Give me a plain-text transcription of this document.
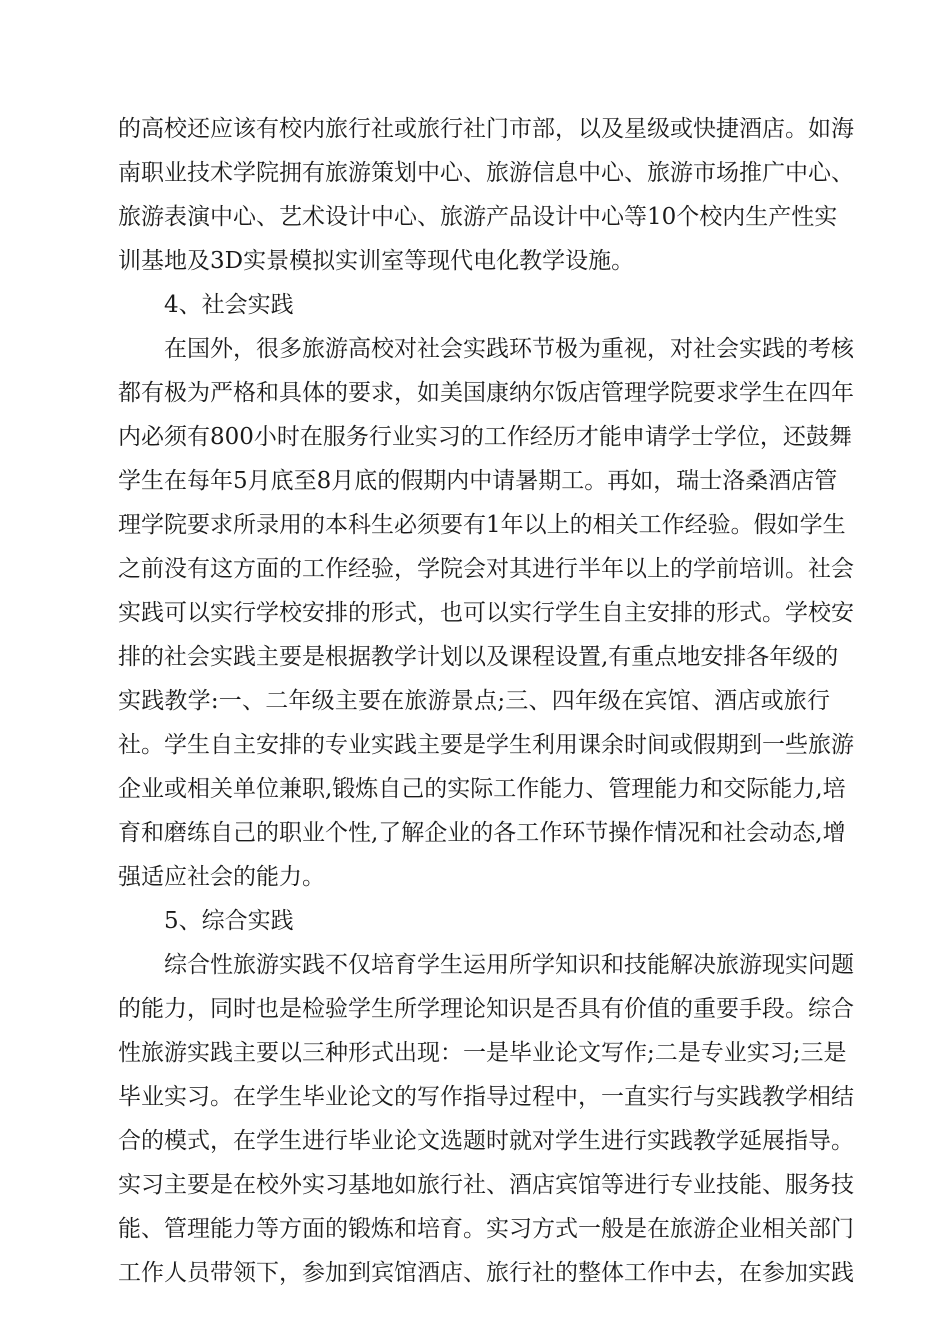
的高校还应该有校内旅行社或旅行社门市部，以及星级或快捷酒店。如海

南职业技术学院拥有旅游策划中心、旅游信息中心、旅游市场推广中心、

旅游表演中心、艺术设计中心、旅游产品设计中心等10个校内生产性实

训基地及3D实景模拟实训室等现代电化教学设施。

4、社会实践

在国外，很多旅游高校对社会实践环节极为重视，对社会实践的考核

都有极为严格和具体的要求，如美国康纳尔饭店管理学院要求学生在四年

内必须有800小时在服务行业实习的工作经历才能申请学士学位，还鼓舞

学生在每年5月底至8月底的假期内中请暑期工。再如，瑞士洛桑酒店管

理学院要求所录用的本科生必须要有1年以上的相关工作经验。假如学生

之前没有这方面的工作经验，学院会对其进行半年以上的学前培训。社会

实践可以实行学校安排的形式，也可以实行学生自主安排的形式。学校安

排的社会实践主要是根据教学计划以及课程设置,有重点地安排各年级的

实践教学:一、二年级主要在旅游景点;三、四年级在宾馆、酒店或旅行

社。学生自主安排的专业实践主要是学生利用课余时间或假期到一些旅游

企业或相关单位兼职,锻炼自己的实际工作能力、管理能力和交际能力,培

育和磨练自己的职业个性,了解企业的各工作环节操作情况和社会动态,增

强适应社会的能力。

5、综合实践

综合性旅游实践不仅培育学生运用所学知识和技能解决旅游现实问题

的能力，同时也是检验学生所学理论知识是否具有价值的重要手段。综合

性旅游实践主要以三种形式出现：一是毕业论文写作;二是专业实习;三是

毕业实习。在学生毕业论文的写作指导过程中，一直实行与实践教学相结

合的模式，在学生进行毕业论文选题时就对学生进行实践教学延展指导。

实习主要是在校外实习基地如旅行社、酒店宾馆等进行专业技能、服务技

能、管理能力等方面的锻炼和培育。实习方式一般是在旅游企业相关部门

工作人员带领下，参加到宾馆酒店、旅行社的整体工作中去，在参加实践
